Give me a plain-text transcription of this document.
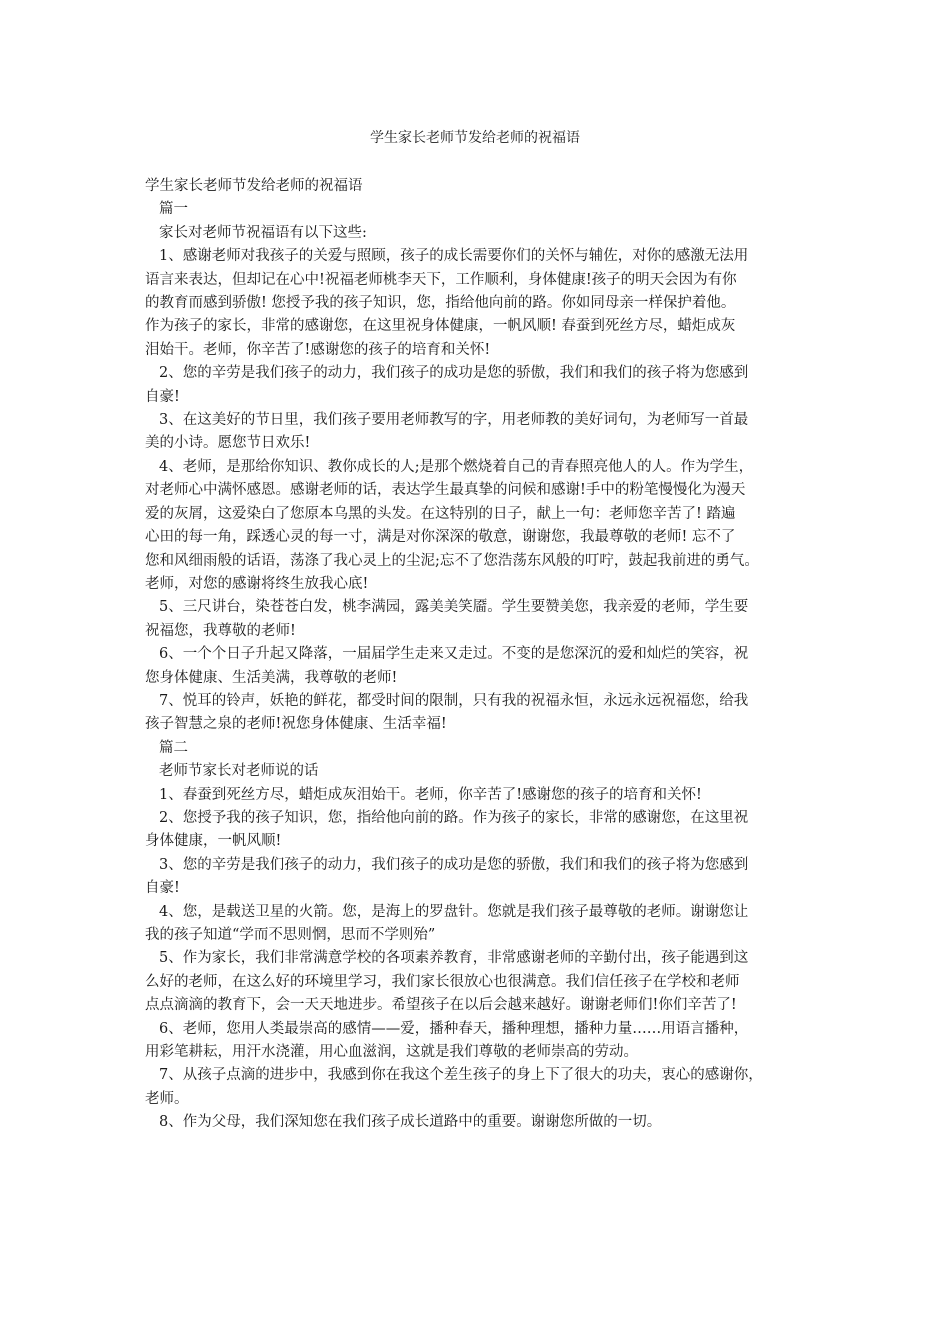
学生家长老师节发给老师的祝福语

学生家长老师节发给老师的祝福语

篇一

家长对老师节祝福语有以下这些:

1、感谢老师对我孩子的关爱与照顾，孩子的成长需要你们的关怀与辅佐，对你的感激无法用

语言来表达，但却记在心中!祝福老师桃李天下，工作顺利，身体健康!孩子的明天会因为有你

的教育而感到骄傲! 您授予我的孩子知识，您，指给他向前的路。你如同母亲一样保护着他。

作为孩子的家长，非常的感谢您，在这里祝身体健康，一帆风顺! 春蚕到死丝方尽，蜡炬成灰

泪始干。老师，你辛苦了!感谢您的孩子的培育和关怀!

2、您的辛劳是我们孩子的动力，我们孩子的成功是您的骄傲，我们和我们的孩子将为您感到

自豪!

3、在这美好的节日里，我们孩子要用老师教写的字，用老师教的美好词句，为老师写一首最

美的小诗。愿您节日欢乐!

4、老师，是那给你知识、教你成长的人;是那个燃烧着自己的青春照亮他人的人。作为学生，

对老师心中满怀感恩。感谢老师的话，表达学生最真挚的问候和感谢!手中的粉笔慢慢化为漫天

爱的灰屑，这爱染白了您原本乌黑的头发。在这特别的日子，献上一句：老师您辛苦了! 踏遍

心田的每一角，踩透心灵的每一寸，满是对你深深的敬意，谢谢您，我最尊敬的老师! 忘不了

您和风细雨般的话语，荡涤了我心灵上的尘泥;忘不了您浩荡东风般的叮咛，鼓起我前进的勇气。

老师，对您的感谢将终生放我心底!

5、三尺讲台，染苍苍白发，桃李满园，露美美笑靥。学生要赞美您，我亲爱的老师，学生要

祝福您，我尊敬的老师!

6、一个个日子升起又降落，一届届学生走来又走过。不变的是您深沉的爱和灿烂的笑容，祝

您身体健康、生活美满，我尊敬的老师!

7、悦耳的铃声，妖艳的鲜花，都受时间的限制，只有我的祝福永恒，永远永远祝福您，给我

孩子智慧之泉的老师!祝您身体健康、生活幸福!

篇二

老师节家长对老师说的话

1、春蚕到死丝方尽，蜡炬成灰泪始干。老师，你辛苦了!感谢您的孩子的培育和关怀!

2、您授予我的孩子知识，您，指给他向前的路。作为孩子的家长，非常的感谢您，在这里祝

身体健康，一帆风顺!

3、您的辛劳是我们孩子的动力，我们孩子的成功是您的骄傲，我们和我们的孩子将为您感到

自豪!

4、您，是载送卫星的火箭。您，是海上的罗盘针。您就是我们孩子最尊敬的老师。谢谢您让

我的孩子知道“学而不思则惘，思而不学则殆”

5、作为家长，我们非常满意学校的各项素养教育，非常感谢老师的辛勤付出，孩子能遇到这

么好的老师，在这么好的环境里学习，我们家长很放心也很满意。我们信任孩子在学校和老师

点点滴滴的教育下，会一天天地进步。希望孩子在以后会越来越好。谢谢老师们!你们辛苦了!

6、老师，您用人类最崇高的感情——爱，播种春天，播种理想，播种力量……用语言播种，

用彩笔耕耘，用汗水浇灌，用心血滋润，这就是我们尊敬的老师崇高的劳动。

7、从孩子点滴的进步中，我感到你在我这个差生孩子的身上下了很大的功夫，衷心的感谢你，

老师。

8、作为父母，我们深知您在我们孩子成长道路中的重要。谢谢您所做的一切。
